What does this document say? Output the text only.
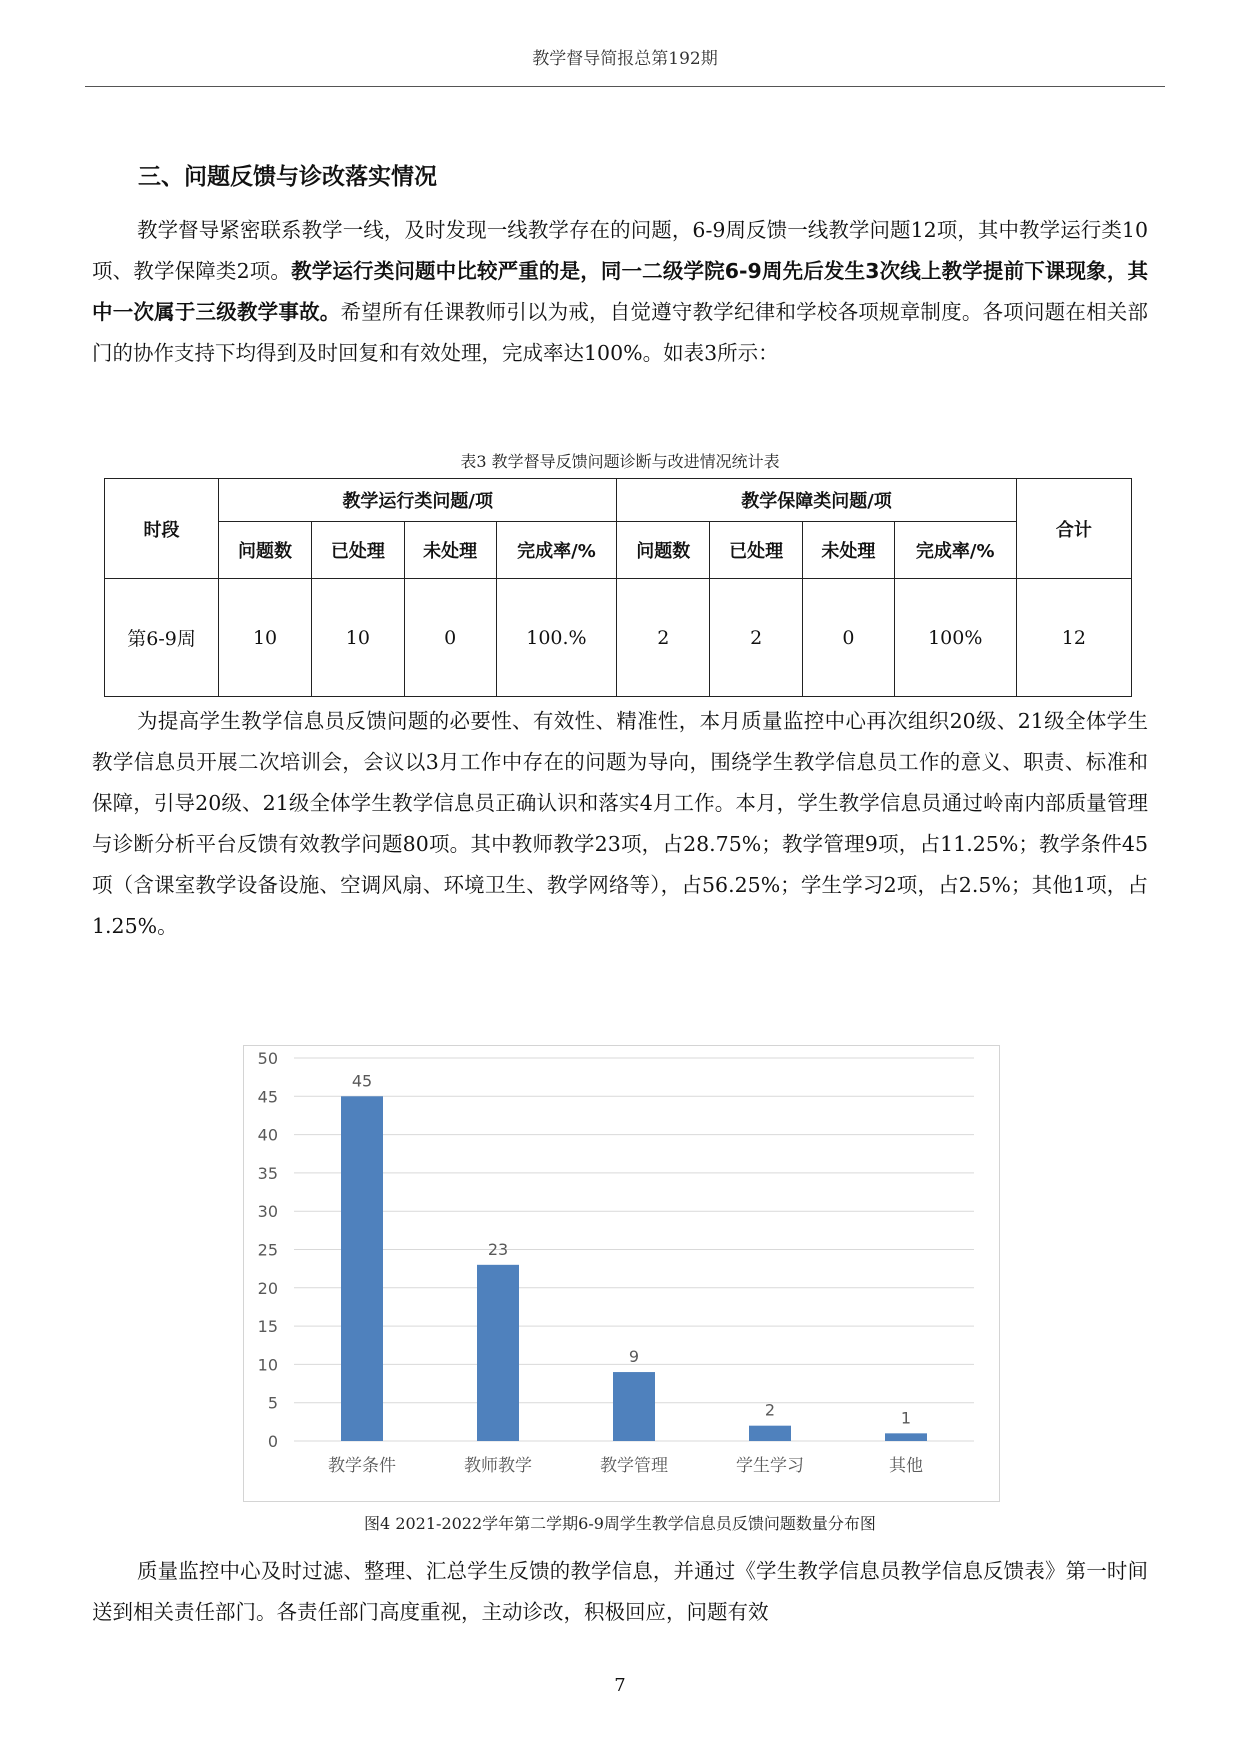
教学督导简报总第192期
三、问题反馈与诊改落实情况

教学督导紧密联系教学一线，及时发现一线教学存在的问题，6-9周反馈一线教学问题12项，其中教学运行类10项、教学保障类2项。教学运行类问题中比较严重的是，同一二级学院6-9周先后发生3次线上教学提前下课现象，其中一次属于三级教学事故。希望所有任课教师引以为戒，自觉遵守教学纪律和学校各项规章制度。各项问题在相关部门的协作支持下均得到及时回复和有效处理，完成率达100%。如表3所示：

表3 教学督导反馈问题诊断与改进情况统计表
时段	教学运行类问题/项				教学保障类问题/项				合计
	问题数	已处理	未处理	完成率/%	问题数	已处理	未处理	完成率/%	
第6-9周	10	10	0	100.%	2	2	0	100%	12

为提高学生教学信息员反馈问题的必要性、有效性、精准性，本月质量监控中心再次组织20级、21级全体学生教学信息员开展二次培训会，会议以3月工作中存在的问题为导向，围绕学生教学信息员工作的意义、职责、标准和保障，引导20级、21级全体学生教学信息员正确认识和落实4月工作。本月，学生教学信息员通过岭南内部质量管理与诊断分析平台反馈有效教学问题80项。其中教师教学23项，占28.75%；教学管理9项，占11.25%；教学条件45项（含课室教学设备设施、空调风扇、环境卫生、教学网络等），占56.25%；学生学习2项，占2.5%；其他1项，占1.25%。

0
5
10
15
20
25
30
35
40
45
50
45
教学条件
23
教师教学
9
教学管理
2
学生学习
1
其他
图4 2021-2022学年第二学期6-9周学生教学信息员反馈问题数量分布图

质量监控中心及时过滤、整理、汇总学生反馈的教学信息，并通过《学生教学信息员教学信息反馈表》第一时间送到相关责任部门。各责任部门高度重视，主动诊改，积极回应，问题有效

7
